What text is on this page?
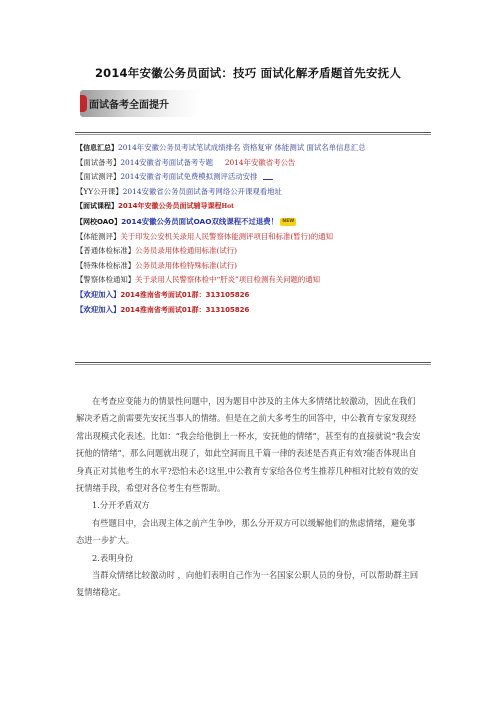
2014年安徽公务员面试：技巧 面试化解矛盾题首先安抚人
面试备考全面提升
【信息汇总】2014年安徽公务员考试笔试成绩排名 资格复审 体能测试 面试名单信息汇总
【面试备考】2014安徽省考面试备考专题 2014年安徽省考公告
【面试测评】2014安徽省考面试免费模拟测评活动安排
【YY公开课】2014安徽省公务员面试备考网络公开课观看地址
【面试课程】2014年安徽公务员面试辅导课程Hot
【网校OAO】2014安徽公务员面试OAO双线课程不过退费！ NEW
【体能测评】关于印发公安机关录用人民警察体能测评项目和标准(暂行)的通知
【普通体检标准】公务员录用体检通用标准(试行)
【特殊体检标准】公务员录用体检特殊标准(试行)
【警察体检通知】关于录用人民警察体检中“肝炎”项目检测有关问题的通知
【欢迎加入】2014淮南省考面试01群：313105826
【欢迎加入】2014淮南省考面试01群：313105826

在考查应变能力的情景性问题中，因为题目中涉及的主体大多情绪比较激动，因此在我们解决矛盾之前需要先安抚当事人的情绪。但是在之前大多考生的回答中，中公教育专家发现经常出现模式化表述。比如：“我会给他倒上一杯水，安抚他的情绪”，甚至有的直接就说“我会安抚他的情绪”，那么问题就出现了，如此空洞而且千篇一律的表述是否真正有效?能否体现出自身真正对其他考生的水平?恐怕未必!这里,中公教育专家给各位考生推荐几种相对比较有效的安抚情绪手段，希望对各位考生有些帮助。

1.分开矛盾双方

有些题目中，会出现主体之前产生争吵，那么分开双方可以缓解他们的焦虑情绪，避免事态进一步扩大。

2.表明身份

当群众情绪比较激动时 ，向他们表明自己作为一名国家公职人员的身份，可以帮助群主回复情绪稳定。
